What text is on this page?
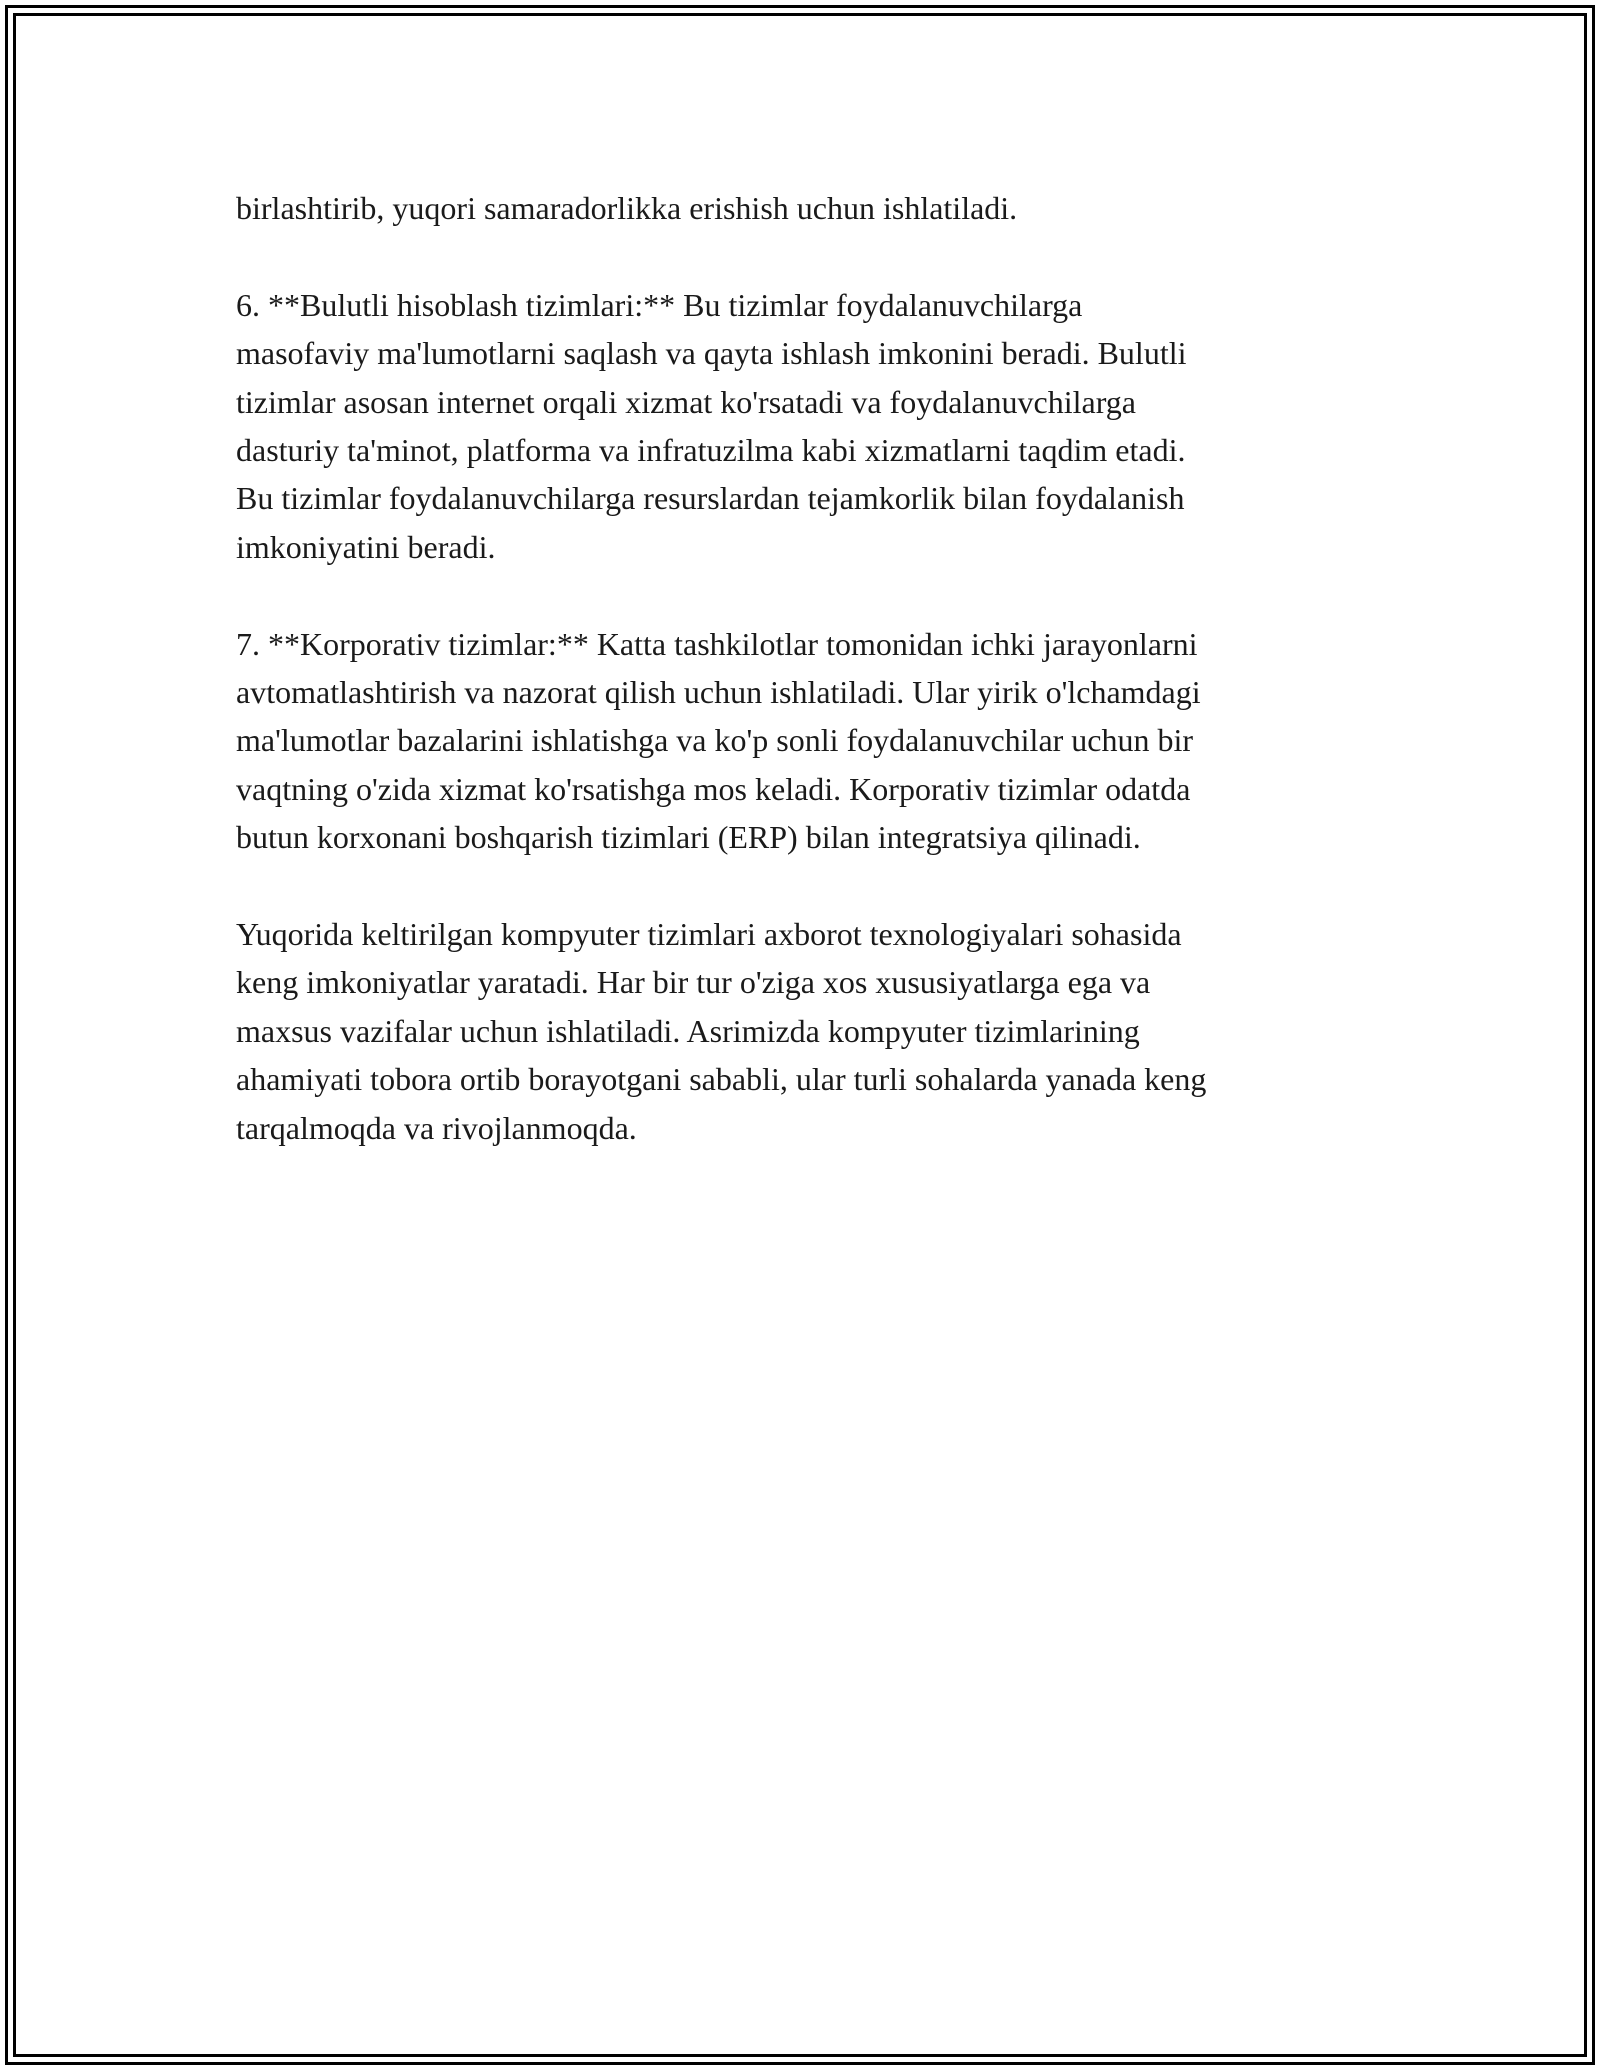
birlashtirib, yuqori samaradorlikka erishish uchun ishlatiladi.

6. **Bulutli hisoblash tizimlari:** Bu tizimlar foydalanuvchilarga
masofaviy ma'lumotlarni saqlash va qayta ishlash imkonini beradi. Bulutli
tizimlar asosan internet orqali xizmat ko'rsatadi va foydalanuvchilarga
dasturiy ta'minot, platforma va infratuzilma kabi xizmatlarni taqdim etadi.
Bu tizimlar foydalanuvchilarga resurslardan tejamkorlik bilan foydalanish
imkoniyatini beradi.

7. **Korporativ tizimlar:** Katta tashkilotlar tomonidan ichki jarayonlarni
avtomatlashtirish va nazorat qilish uchun ishlatiladi. Ular yirik o'lchamdagi
ma'lumotlar bazalarini ishlatishga va ko'p sonli foydalanuvchilar uchun bir
vaqtning o'zida xizmat ko'rsatishga mos keladi. Korporativ tizimlar odatda
butun korxonani boshqarish tizimlari (ERP) bilan integratsiya qilinadi.

Yuqorida keltirilgan kompyuter tizimlari axborot texnologiyalari sohasida
keng imkoniyatlar yaratadi. Har bir tur o'ziga xos xususiyatlarga ega va
maxsus vazifalar uchun ishlatiladi. Asrimizda kompyuter tizimlarining
ahamiyati tobora ortib borayotgani sababli, ular turli sohalarda yanada keng
tarqalmoqda va rivojlanmoqda.
